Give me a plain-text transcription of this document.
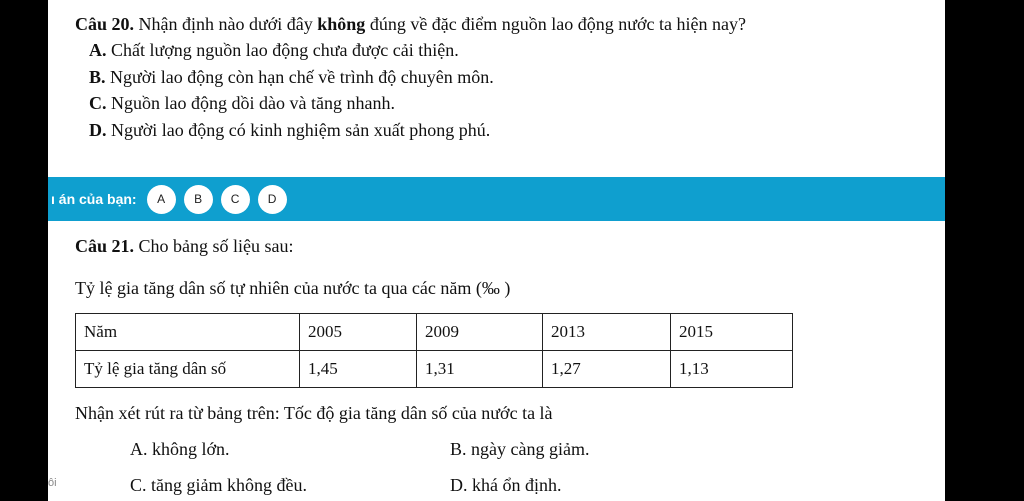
Câu 20. Nhận định nào dưới đây không đúng về đặc điểm nguồn lao động nước ta hiện nay?
A. Chất lượng nguồn lao động chưa được cải thiện.
B. Người lao động còn hạn chế về trình độ chuyên môn.
C. Nguồn lao động dồi dào và tăng nhanh.
D. Người lao động có kinh nghiệm sản xuất phong phú.
ı án của bạn:	A	B	C	D
Câu 21. Cho bảng số liệu sau:
Tỷ lệ gia tăng dân số tự nhiên của nước ta qua các năm (‰ )
Năm	2005	2009	2013	2015
Tỷ lệ gia tăng dân số	1,45	1,31	1,27	1,13
Nhận xét rút ra từ bảng trên: Tốc độ gia tăng dân số của nước ta là
A. không lớn.	B. ngày càng giảm.
C. tăng giảm không đều.	D. khá ổn định.
ôi
